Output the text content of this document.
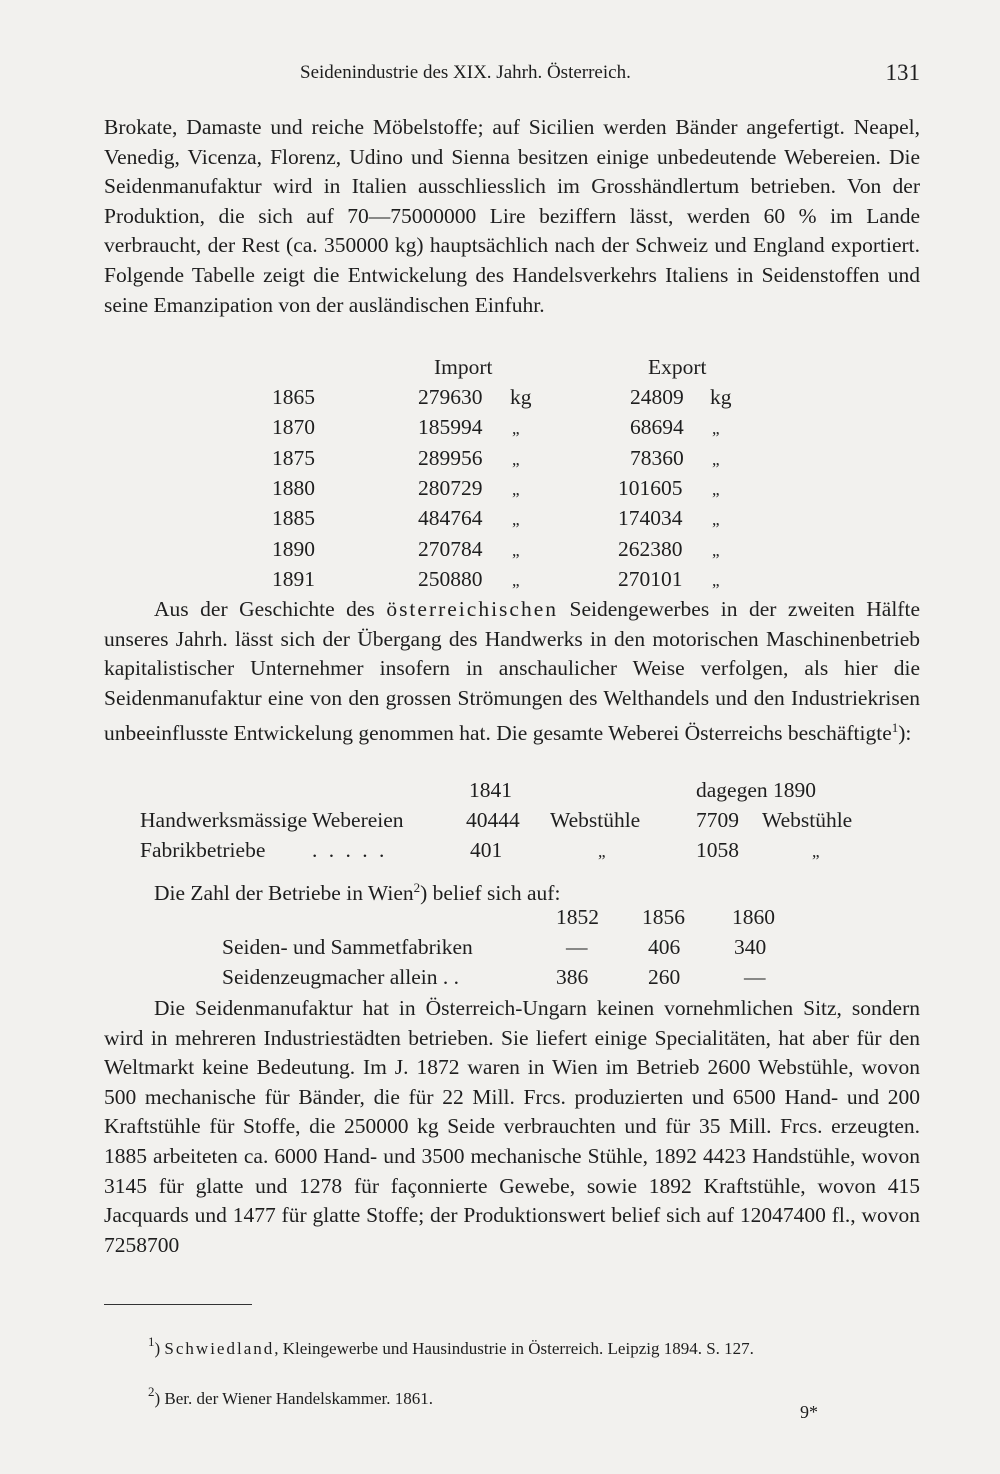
Seidenindustrie des XIX. Jahrh. Österreich.	131

Brokate, Damaste und reiche Möbelstoffe; auf Sicilien werden Bänder angefertigt. Neapel, Venedig, Vicenza, Florenz, Udino und Sienna besitzen einige unbedeutende Webereien. Die Seidenmanufaktur wird in Italien ausschliesslich im Grosshändlertum betrieben. Von der Produktion, die sich auf 70—75000000 Lire beziffern lässt, werden 60 % im Lande verbraucht, der Rest (ca. 350000 kg) hauptsächlich nach der Schweiz und England exportiert. Folgende Tabelle zeigt die Entwickelung des Handelsverkehrs Italiens in Seidenstoffen und seine Emanzipation von der ausländischen Einfuhr.

Import	Export
1865	279630 kg	24809 kg
1870	185994 „	68694 „
1875	289956 „	78360 „
1880	280729 „	101605 „
1885	484764 „	174034 „
1890	270784 „	262380 „
1891	250880 „	270101 „

Aus der Geschichte des österreichischen Seidengewerbes in der zweiten Hälfte unseres Jahrh. lässt sich der Übergang des Handwerks in den motorischen Maschinenbetrieb kapitalistischer Unternehmer insofern in anschaulicher Weise verfolgen, als hier die Seidenmanufaktur eine von den grossen Strömungen des Welthandels und den Industriekrisen unbeeinflusste Entwickelung genommen hat. Die gesamte Weberei Österreichs beschäftigte$^1$):

1841	dagegen 1890
Handwerksmässige Webereien	40444 Webstühle	7709 Webstühle
Fabrikbetriebe . . . . .	401	„	1058	„

Die Zahl der Betriebe in Wien$^2$) belief sich auf:

1852 1856 1860
Seiden- und Sammetfabriken	—	406	340
Seidenzeugmacher allein . .	386	260	—

Die Seidenmanufaktur hat in Österreich-Ungarn keinen vornehmlichen Sitz, sondern wird in mehreren Industriestädten betrieben. Sie liefert einige Specialitäten, hat aber für den Weltmarkt keine Bedeutung. Im J. 1872 waren in Wien im Betrieb 2600 Webstühle, wovon 500 mechanische für Bänder, die für 22 Mill. Frcs. produzierten und 6500 Hand- und 200 Kraftstühle für Stoffe, die 250000 kg Seide verbrauchten und für 35 Mill. Frcs. erzeugten. 1885 arbeiteten ca. 6000 Hand- und 3500 mechanische Stühle, 1892 4423 Handstühle, wovon 3145 für glatte und 1278 für façonnierte Gewebe, sowie 1892 Kraftstühle, wovon 415 Jacquards und 1477 für glatte Stoffe; der Produktionswert belief sich auf 12047400 fl., wovon 7258700

$^1$) Schwiedland, Kleingewerbe und Hausindustrie in Österreich. Leipzig 1894. S. 127.

$^2$) Ber. der Wiener Handelskammer. 1861.

9*
